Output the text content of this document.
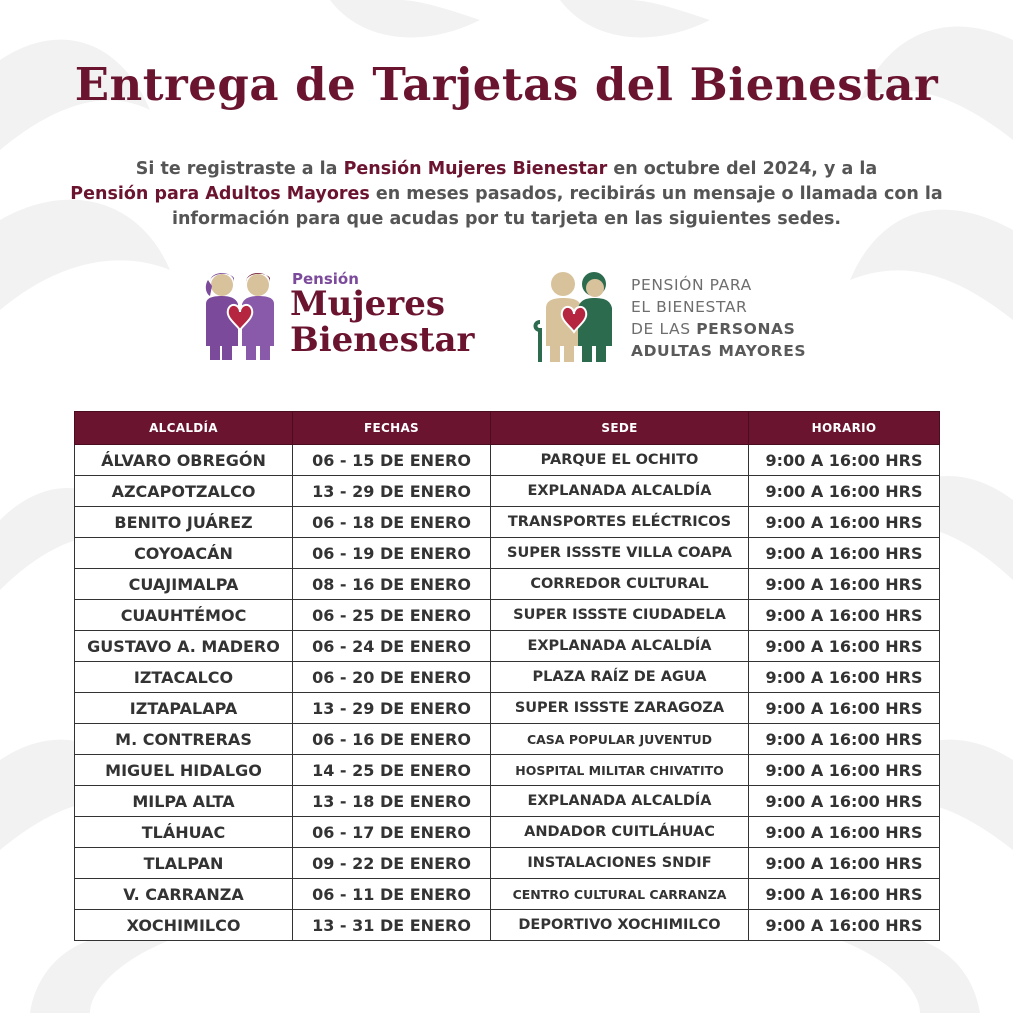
Entrega de Tarjetas del Bienestar

Si te registraste a la Pensión Mujeres Bienestar en octubre del 2024, y a la
Pensión para Adultos Mayores en meses pasados, recibirás un mensaje o llamada con la información para que acudas por tu tarjeta en las siguientes sedes.

Pensión
Mujeres
Bienestar
PENSIÓN PARA
EL BIENESTAR
DE LAS PERSONAS
ADULTAS MAYORES
ALCALDÍA	FECHAS	SEDE	HORARIO
ÁLVARO OBREGÓN	06 - 15 DE ENERO	PARQUE EL OCHITO	9:00 A 16:00 HRS
AZCAPOTZALCO	13 - 29 DE ENERO	EXPLANADA ALCALDÍA	9:00 A 16:00 HRS
BENITO JUÁREZ	06 - 18 DE ENERO	TRANSPORTES ELÉCTRICOS	9:00 A 16:00 HRS
COYOACÁN	06 - 19 DE ENERO	SUPER ISSSTE VILLA COAPA	9:00 A 16:00 HRS
CUAJIMALPA	08 - 16 DE ENERO	CORREDOR CULTURAL	9:00 A 16:00 HRS
CUAUHTÉMOC	06 - 25 DE ENERO	SUPER ISSSTE CIUDADELA	9:00 A 16:00 HRS
GUSTAVO A. MADERO	06 - 24 DE ENERO	EXPLANADA ALCALDÍA	9:00 A 16:00 HRS
IZTACALCO	06 - 20 DE ENERO	PLAZA RAÍZ DE AGUA	9:00 A 16:00 HRS
IZTAPALAPA	13 - 29 DE ENERO	SUPER ISSSTE ZARAGOZA	9:00 A 16:00 HRS
M. CONTRERAS	06 - 16 DE ENERO	CASA POPULAR JUVENTUD	9:00 A 16:00 HRS
MIGUEL HIDALGO	14 - 25 DE ENERO	HOSPITAL MILITAR CHIVATITO	9:00 A 16:00 HRS
MILPA ALTA	13 - 18 DE ENERO	EXPLANADA ALCALDÍA	9:00 A 16:00 HRS
TLÁHUAC	06 - 17 DE ENERO	ANDADOR CUITLÁHUAC	9:00 A 16:00 HRS
TLALPAN	09 - 22 DE ENERO	INSTALACIONES SNDIF	9:00 A 16:00 HRS
V. CARRANZA	06 - 11 DE ENERO	CENTRO CULTURAL CARRANZA	9:00 A 16:00 HRS
XOCHIMILCO	13 - 31 DE ENERO	DEPORTIVO XOCHIMILCO	9:00 A 16:00 HRS
